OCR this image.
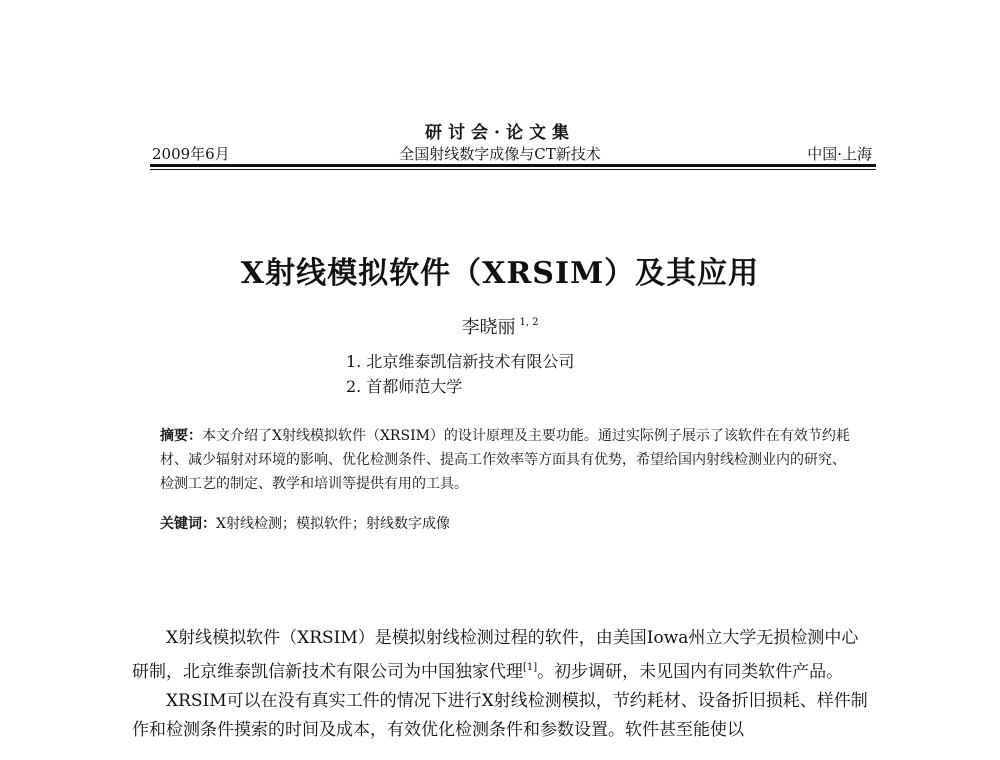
研讨会·论文集
2009年6月	全国射线数字成像与CT新技术	中国·上海
X射线模拟软件（XRSIM）及其应用
李晓丽 $^{1, 2}$
1. 北京维泰凯信新技术有限公司
2. 首都师范大学
摘要：本文介绍了X射线模拟软件（XRSIM）的设计原理及主要功能。通过实际例子展示了该软件在有效节约耗材、减少辐射对环境的影响、优化检测条件、提高工作效率等方面具有优势，希望给国内射线检测业内的研究、检测工艺的制定、教学和培训等提供有用的工具。
关键词：X射线检测；模拟软件；射线数字成像

X射线模拟软件（XRSIM）是模拟射线检测过程的软件，由美国Iowa州立大学无损检测中心研制，北京维泰凯信新技术有限公司为中国独家代理[1]。初步调研，未见国内有同类软件产品。

XRSIM可以在没有真实工件的情况下进行X射线检测模拟，节约耗材、设备折旧损耗、样件制作和检测条件摸索的时间及成本，有效优化检测条件和参数设置。软件甚至能使以
